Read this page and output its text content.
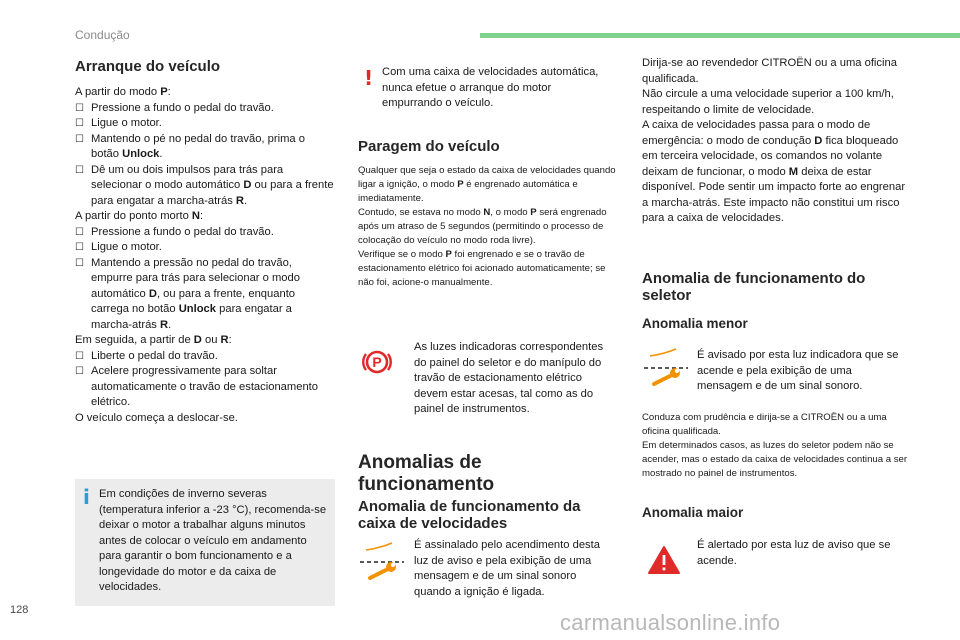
Condução
Arranque do veículo

A partir do modo P:

☐ Pressione a fundo o pedal do travão.
☐ Ligue o motor.
☐ Mantendo o pé no pedal do travão, prima o botão Unlock.
☐ Dê um ou dois impulsos para trás para selecionar o modo automático D ou para a frente para engatar a marcha-atrás R.

A partir do ponto morto N:

☐ Pressione a fundo o pedal do travão.
☐ Ligue o motor.
☐ Mantendo a pressão no pedal do travão, empurre para trás para selecionar o modo automático D, ou para a frente, enquanto carrega no botão Unlock para engatar a marcha-atrás R.

Em seguida, a partir de D ou R:

☐ Liberte o pedal do travão.
☐ Acelere progressivamente para soltar automaticamente o travão de estacionamento elétrico.

O veículo começa a deslocar-se.

i Em condições de inverno severas (temperatura inferior a -23 °C), recomenda-se deixar o motor a trabalhar alguns minutos antes de colocar o veículo em andamento para garantir o bom funcionamento e a longevidade do motor e da caixa de velocidades.

! Com uma caixa de velocidades automática, nunca efetue o arranque do motor empurrando o veículo.

Paragem do veículo

Qualquer que seja o estado da caixa de velocidades quando ligar a ignição, o modo P é engrenado automática e imediatamente.

Contudo, se estava no modo N, o modo P será engrenado após um atraso de 5 segundos (permitindo o processo de colocação do veículo no modo roda livre).

Verifique se o modo P foi engrenado e se o travão de estacionamento elétrico foi acionado automaticamente; se não foi, acione-o manualmente.

P

As luzes indicadoras correspondentes do painel do seletor e do manípulo do travão de estacionamento elétrico devem estar acesas, tal como as do painel de instrumentos.

Anomalias de funcionamento
Anomalia de funcionamento da caixa de velocidades

É assinalado pelo acendimento desta luz de aviso e pela exibição de uma mensagem e de um sinal sonoro quando a ignição é ligada.

Dirija-se ao revendedor CITROËN ou a uma oficina qualificada.

Não circule a uma velocidade superior a 100 km/h, respeitando o limite de velocidade.

A caixa de velocidades passa para o modo de emergência: o modo de condução D fica bloqueado em terceira velocidade, os comandos no volante deixam de funcionar, o modo M deixa de estar disponível. Pode sentir um impacto forte ao engrenar a marcha-atrás. Este impacto não constitui um risco para a caixa de velocidades.

Anomalia de funcionamento do seletor
Anomalia menor

É avisado por esta luz indicadora que se acende e pela exibição de uma mensagem e de um sinal sonoro.

Conduza com prudência e dirija-se a CITROËN ou a uma oficina qualificada.

Em determinados casos, as luzes do seletor podem não se acender, mas o estado da caixa de velocidades continua a ser mostrado no painel de instrumentos.

Anomalia maior

É alertado por esta luz de aviso que se acende.

128	carmanualsonline.info
